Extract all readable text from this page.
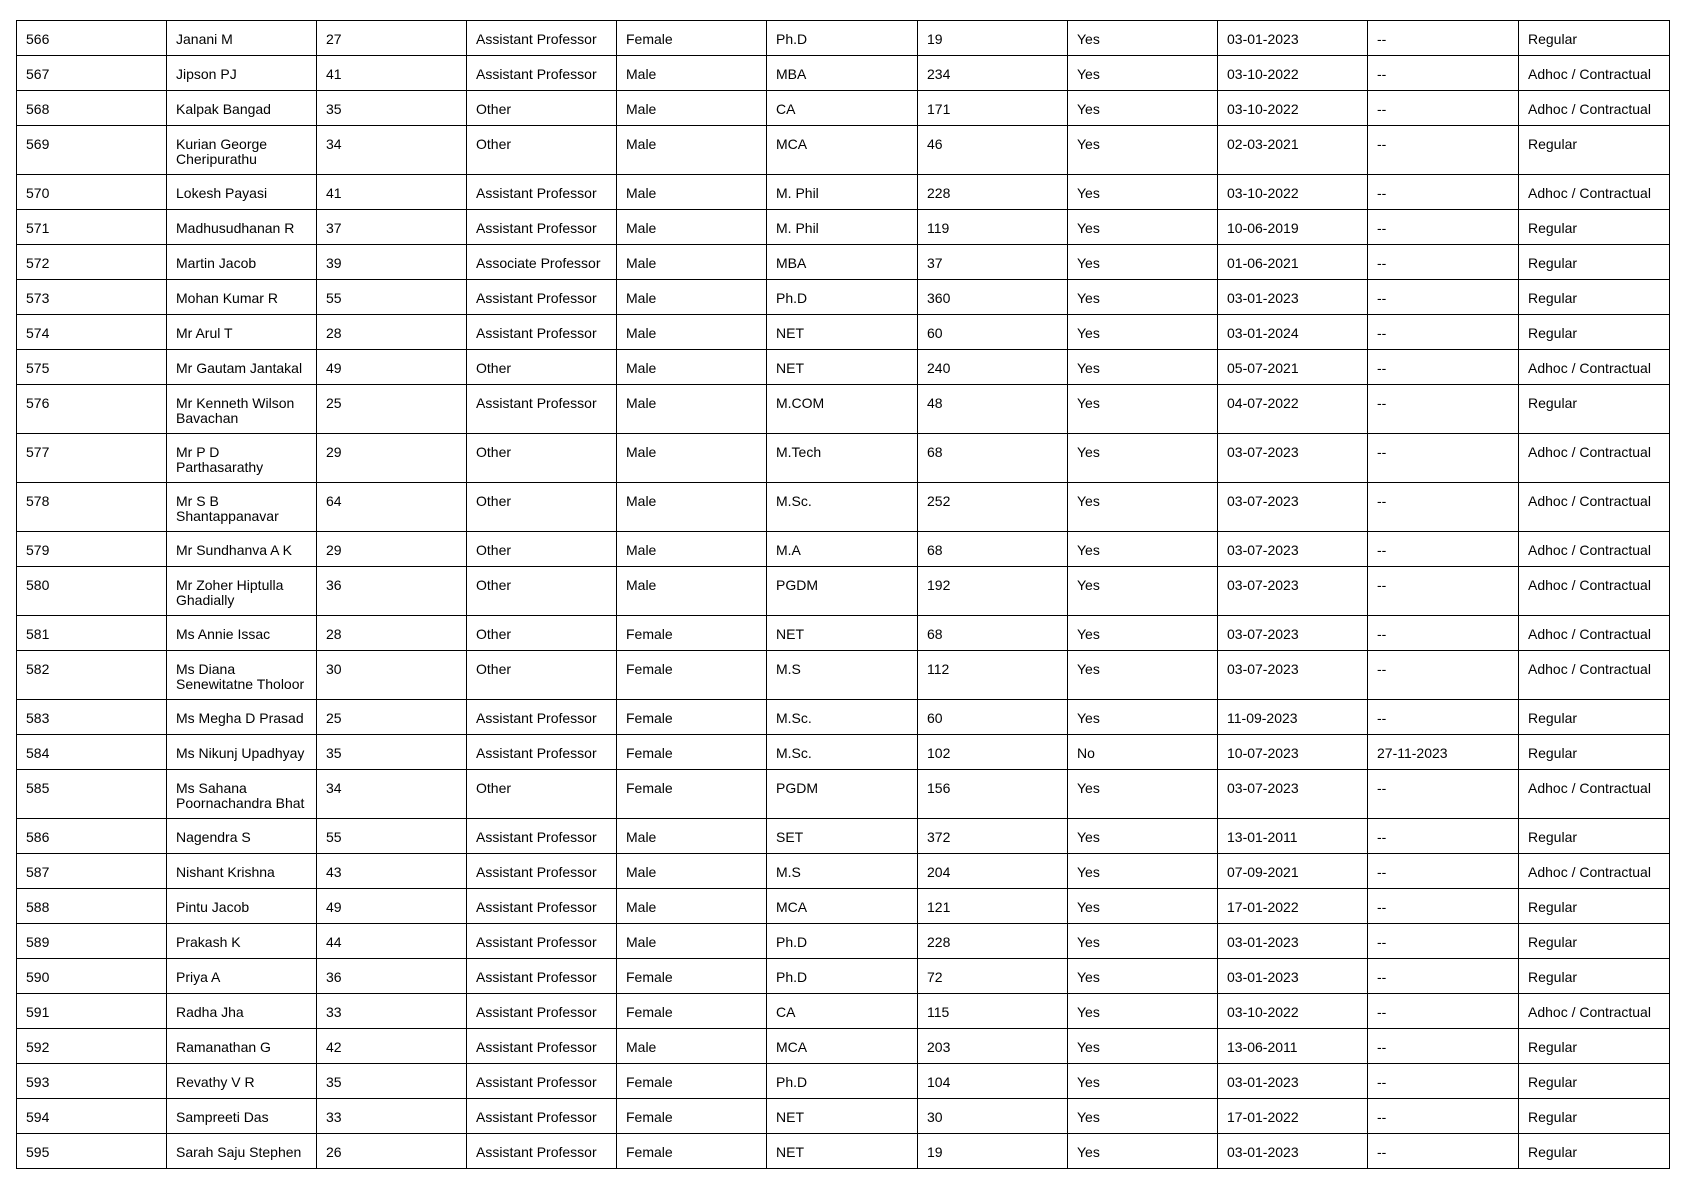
566	Janani M	27	Assistant Professor	Female	Ph.D	19	Yes	03-01-2023	--	Regular
567	Jipson PJ	41	Assistant Professor	Male	MBA	234	Yes	03-10-2022	--	Adhoc / Contractual
568	Kalpak Bangad	35	Other	Male	CA	171	Yes	03-10-2022	--	Adhoc / Contractual
569	Kurian George Cheripurathu	34	Other	Male	MCA	46	Yes	02-03-2021	--	Regular
570	Lokesh Payasi	41	Assistant Professor	Male	M. Phil	228	Yes	03-10-2022	--	Adhoc / Contractual
571	Madhusudhanan R	37	Assistant Professor	Male	M. Phil	119	Yes	10-06-2019	--	Regular
572	Martin Jacob	39	Associate Professor	Male	MBA	37	Yes	01-06-2021	--	Regular
573	Mohan Kumar R	55	Assistant Professor	Male	Ph.D	360	Yes	03-01-2023	--	Regular
574	Mr Arul T	28	Assistant Professor	Male	NET	60	Yes	03-01-2024	--	Regular
575	Mr Gautam Jantakal	49	Other	Male	NET	240	Yes	05-07-2021	--	Adhoc / Contractual
576	Mr Kenneth Wilson Bavachan	25	Assistant Professor	Male	M.COM	48	Yes	04-07-2022	--	Regular
577	Mr P D Parthasarathy	29	Other	Male	M.Tech	68	Yes	03-07-2023	--	Adhoc / Contractual
578	Mr S B Shantappanavar	64	Other	Male	M.Sc.	252	Yes	03-07-2023	--	Adhoc / Contractual
579	Mr Sundhanva A K	29	Other	Male	M.A	68	Yes	03-07-2023	--	Adhoc / Contractual
580	Mr Zoher Hiptulla Ghadially	36	Other	Male	PGDM	192	Yes	03-07-2023	--	Adhoc / Contractual
581	Ms Annie Issac	28	Other	Female	NET	68	Yes	03-07-2023	--	Adhoc / Contractual
582	Ms Diana Senewitatne Tholoor	30	Other	Female	M.S	112	Yes	03-07-2023	--	Adhoc / Contractual
583	Ms Megha D Prasad	25	Assistant Professor	Female	M.Sc.	60	Yes	11-09-2023	--	Regular
584	Ms Nikunj Upadhyay	35	Assistant Professor	Female	M.Sc.	102	No	10-07-2023	27-11-2023	Regular
585	Ms Sahana Poornachandra Bhat	34	Other	Female	PGDM	156	Yes	03-07-2023	--	Adhoc / Contractual
586	Nagendra S	55	Assistant Professor	Male	SET	372	Yes	13-01-2011	--	Regular
587	Nishant Krishna	43	Assistant Professor	Male	M.S	204	Yes	07-09-2021	--	Adhoc / Contractual
588	Pintu Jacob	49	Assistant Professor	Male	MCA	121	Yes	17-01-2022	--	Regular
589	Prakash K	44	Assistant Professor	Male	Ph.D	228	Yes	03-01-2023	--	Regular
590	Priya A	36	Assistant Professor	Female	Ph.D	72	Yes	03-01-2023	--	Regular
591	Radha Jha	33	Assistant Professor	Female	CA	115	Yes	03-10-2022	--	Adhoc / Contractual
592	Ramanathan G	42	Assistant Professor	Male	MCA	203	Yes	13-06-2011	--	Regular
593	Revathy V R	35	Assistant Professor	Female	Ph.D	104	Yes	03-01-2023	--	Regular
594	Sampreeti Das	33	Assistant Professor	Female	NET	30	Yes	17-01-2022	--	Regular
595	Sarah Saju Stephen	26	Assistant Professor	Female	NET	19	Yes	03-01-2023	--	Regular
